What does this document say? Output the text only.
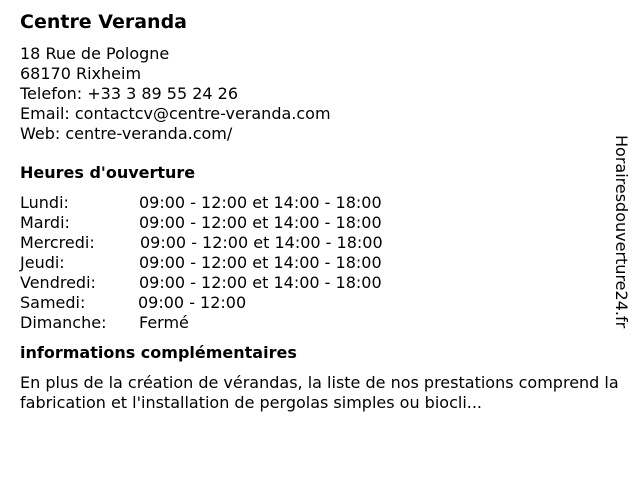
Centre Veranda
18 Rue de Pologne
68170 Rixheim
Telefon: +33 3 89 55 24 26
Email: contactcv@centre-veranda.com
Web: centre-veranda.com/
Heures d'ouverture
Lundi:	09:00 - 12:00 et 14:00 - 18:00
Mardi:	09:00 - 12:00 et 14:00 - 18:00
Mercredi:	09:00 - 12:00 et 14:00 - 18:00
Jeudi:	09:00 - 12:00 et 14:00 - 18:00
Vendredi:	09:00 - 12:00 et 14:00 - 18:00
Samedi:	09:00 - 12:00
Dimanche: Fermé
informations complémentaires
En plus de la création de vérandas, la liste de nos prestations comprend la fabrication et l'installation de pergolas simples ou biocli...
Horairesdouverture24.fr
